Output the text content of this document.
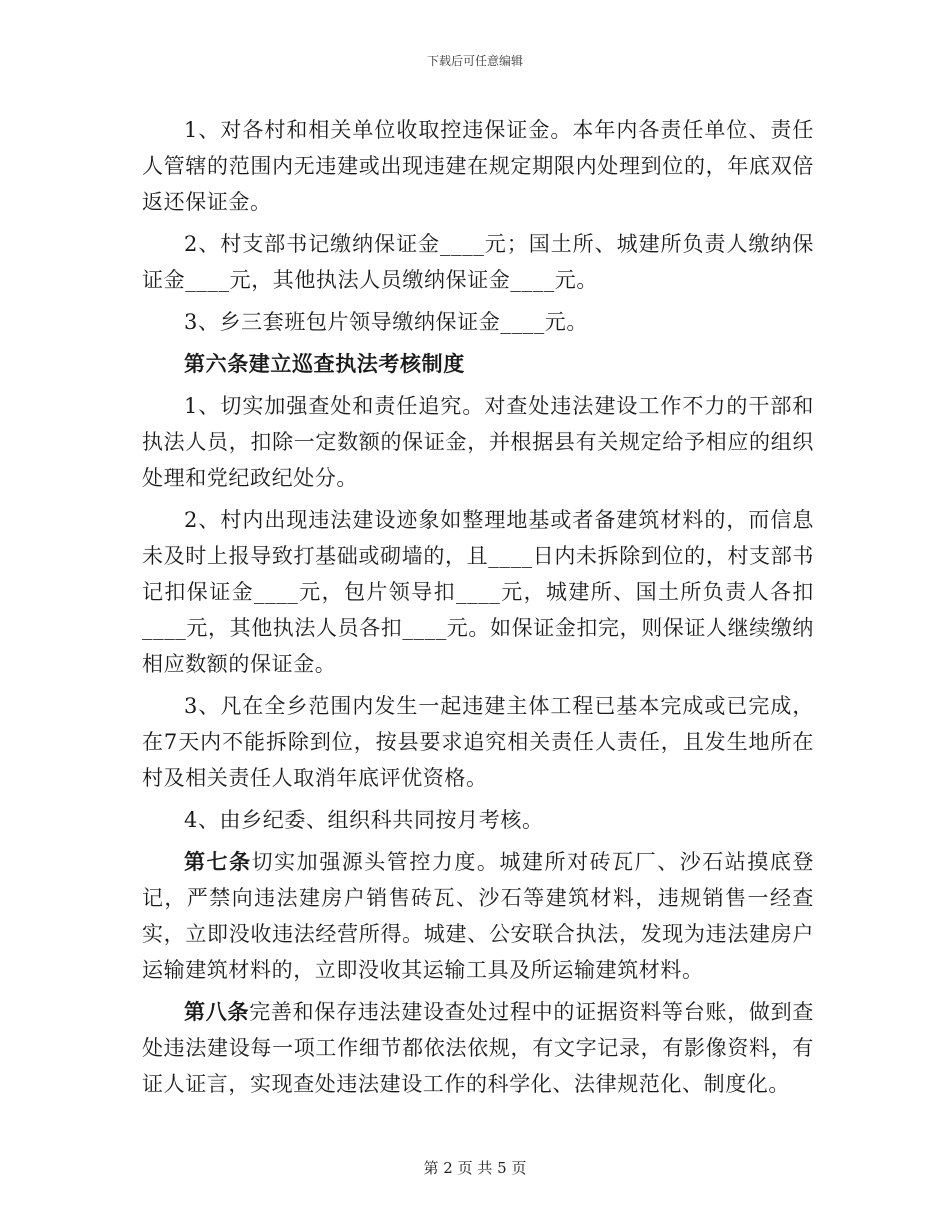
下载后可任意编辑

1、对各村和相关单位收取控违保证金。本年内各责任单位、责任人管辖的范围内无违建或出现违建在规定期限内处理到位的，年底双倍返还保证金。

2、村支部书记缴纳保证金____元；国土所、城建所负责人缴纳保证金____元，其他执法人员缴纳保证金____元。

3、乡三套班包片领导缴纳保证金____元。

第六条建立巡查执法考核制度

1、切实加强查处和责任追究。对查处违法建设工作不力的干部和执法人员，扣除一定数额的保证金，并根据县有关规定给予相应的组织处理和党纪政纪处分。

2、村内出现违法建设迹象如整理地基或者备建筑材料的，而信息未及时上报导致打基础或砌墙的，且____日内未拆除到位的，村支部书记扣保证金____元，包片领导扣____元，城建所、国土所负责人各扣____元，其他执法人员各扣____元。如保证金扣完，则保证人继续缴纳相应数额的保证金。

3、凡在全乡范围内发生一起违建主体工程已基本完成或已完成，在7天内不能拆除到位，按县要求追究相关责任人责任，且发生地所在村及相关责任人取消年底评优资格。

4、由乡纪委、组织科共同按月考核。

第七条切实加强源头管控力度。城建所对砖瓦厂、沙石站摸底登记，严禁向违法建房户销售砖瓦、沙石等建筑材料，违规销售一经查实，立即没收违法经营所得。城建、公安联合执法，发现为违法建房户运输建筑材料的，立即没收其运输工具及所运输建筑材料。

第八条完善和保存违法建设查处过程中的证据资料等台账，做到查处违法建设每一项工作细节都依法依规，有文字记录，有影像资料，有证人证言，实现查处违法建设工作的科学化、法律规范化、制度化。

第 2 页 共 5 页
